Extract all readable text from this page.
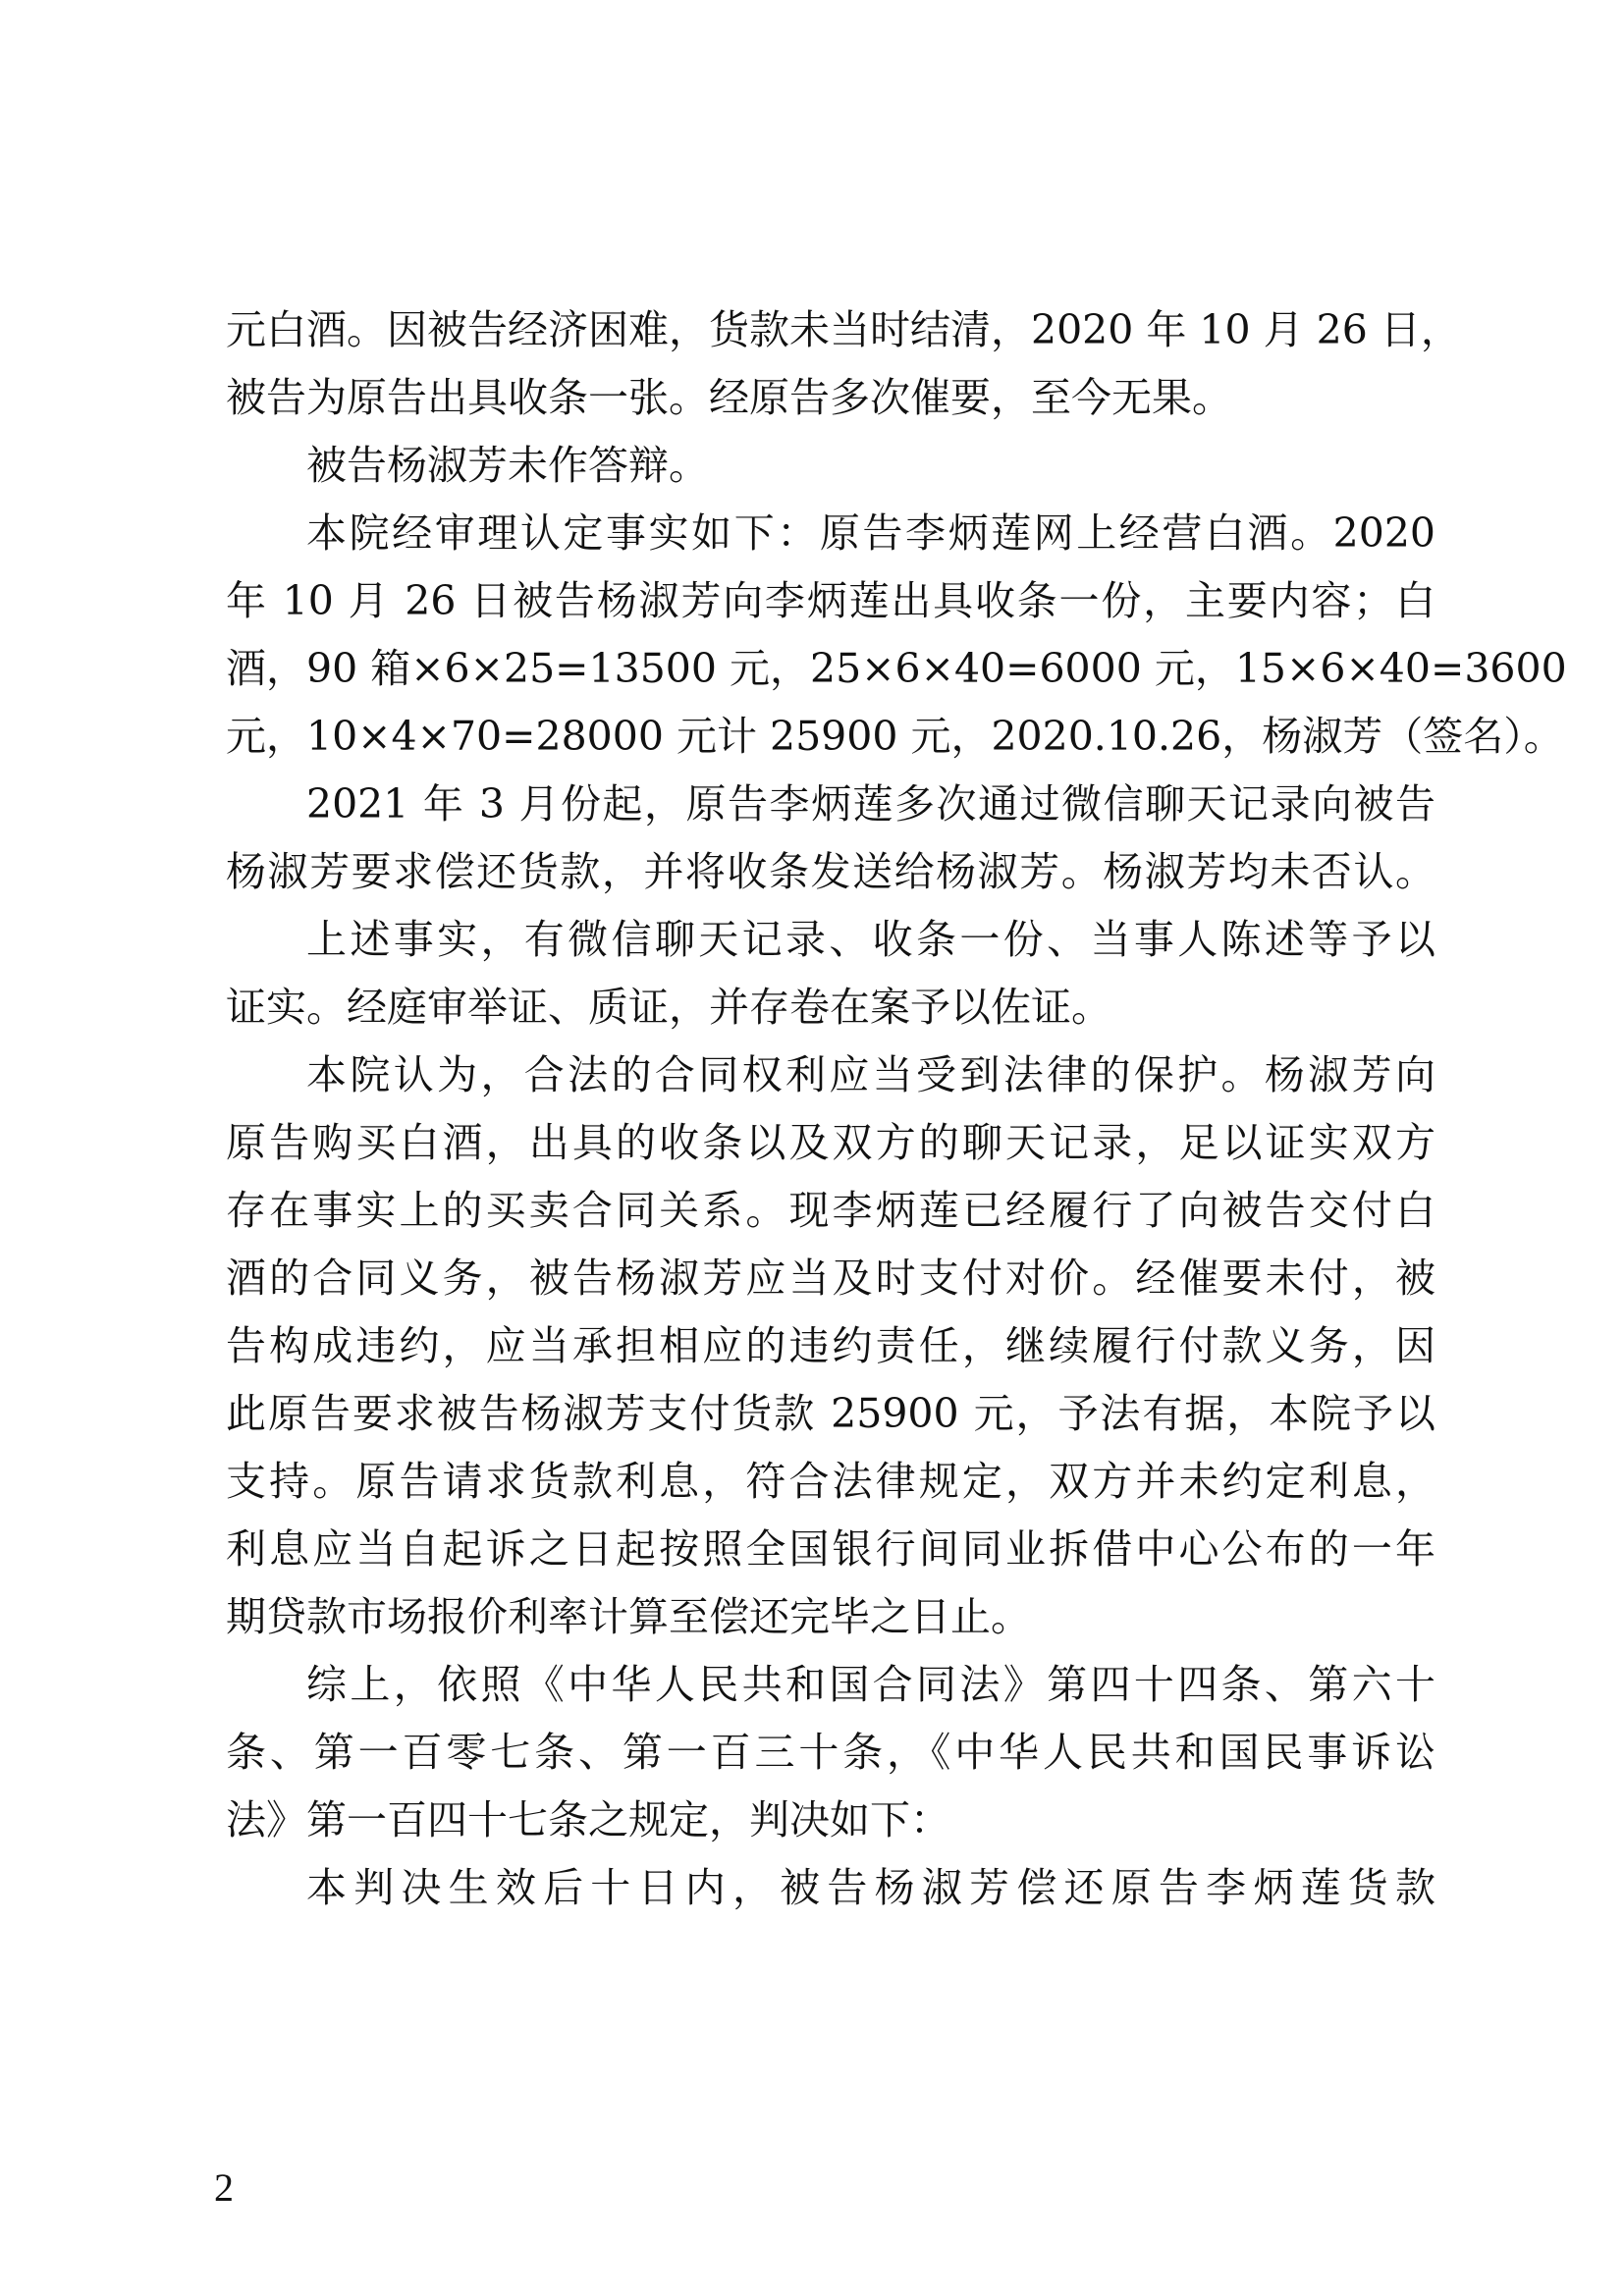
元白酒。因被告经济困难，货款未当时结清，2020 年 10 月 26 日，
被告为原告出具收条一张。经原告多次催要，至今无果。
被告杨淑芳未作答辩。
本院经审理认定事实如下：原告李炳莲网上经营白酒。2020
年 10 月 26 日被告杨淑芳向李炳莲出具收条一份，主要内容；白
酒，90 箱×6×25=13500 元，25×6×40=6000 元，15×6×40=3600
元，10×4×70=28000 元计 25900 元，2020.10.26，杨淑芳（签名）。
2021 年 3 月份起，原告李炳莲多次通过微信聊天记录向被告
杨淑芳要求偿还货款，并将收条发送给杨淑芳。杨淑芳均未否认。
上述事实，有微信聊天记录、收条一份、当事人陈述等予以
证实。经庭审举证、质证，并存卷在案予以佐证。
本院认为，合法的合同权利应当受到法律的保护。杨淑芳向
原告购买白酒，出具的收条以及双方的聊天记录，足以证实双方
存在事实上的买卖合同关系。现李炳莲已经履行了向被告交付白
酒的合同义务，被告杨淑芳应当及时支付对价。经催要未付，被
告构成违约，应当承担相应的违约责任，继续履行付款义务，因
此原告要求被告杨淑芳支付货款 25900 元，予法有据，本院予以
支持。原告请求货款利息，符合法律规定，双方并未约定利息，
利息应当自起诉之日起按照全国银行间同业拆借中心公布的一年
期贷款市场报价利率计算至偿还完毕之日止。
综上，依照《中华人民共和国合同法》第四十四条、第六十
条、第一百零七条、第一百三十条，《中华人民共和国民事诉讼
法》第一百四十七条之规定，判决如下：
本判决生效后十日内，被告杨淑芳偿还原告李炳莲货款
2
